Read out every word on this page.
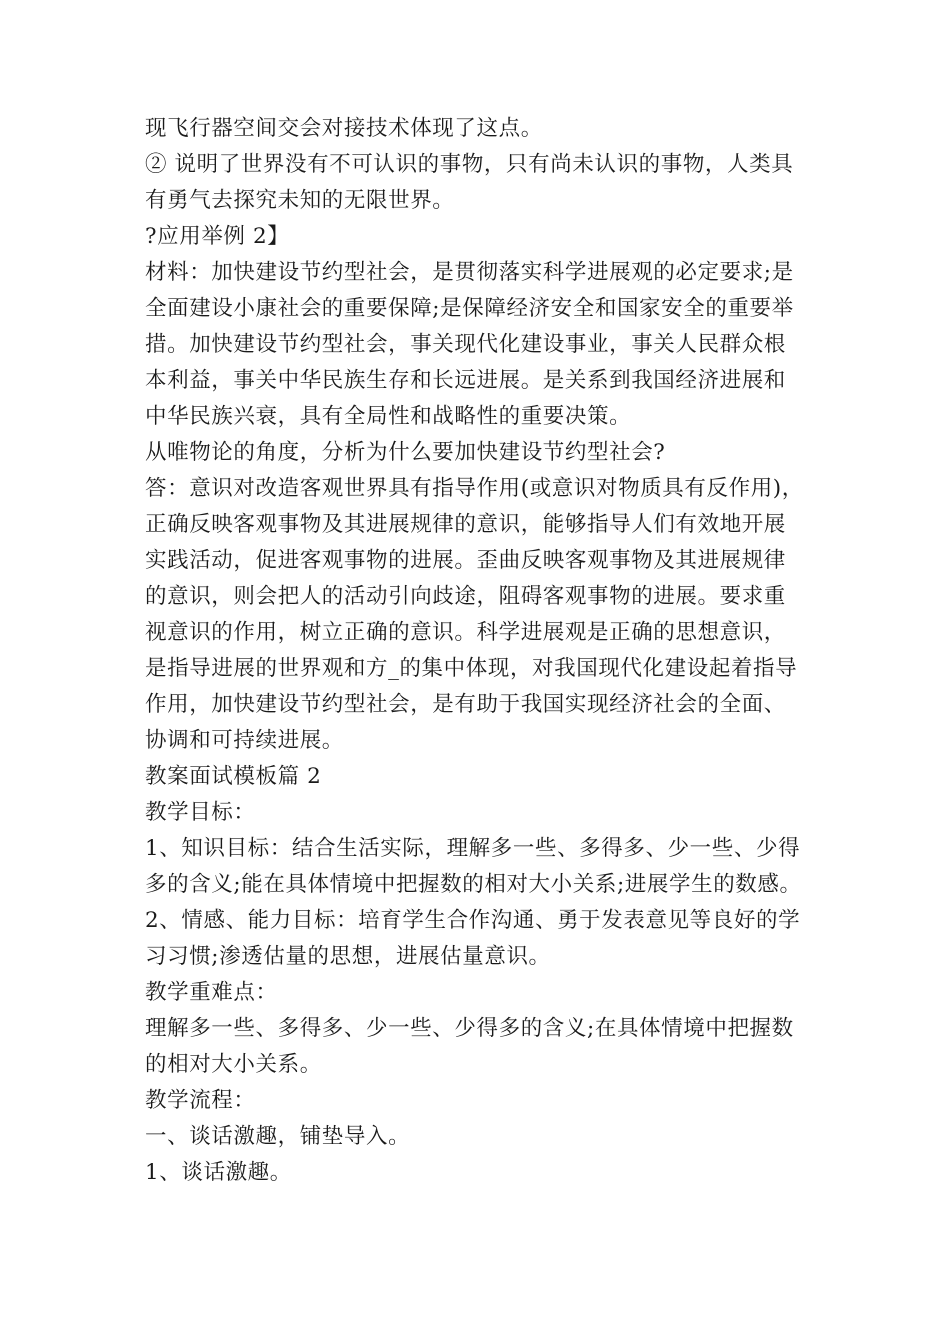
现飞行器空间交会对接技术体现了这点。
② 说明了世界没有不可认识的事物，只有尚未认识的事物，人类具
有勇气去探究未知的无限世界。
?应用举例 2】
材料：加快建设节约型社会，是贯彻落实科学进展观的必定要求;是
全面建设小康社会的重要保障;是保障经济安全和国家安全的重要举
措。加快建设节约型社会，事关现代化建设事业，事关人民群众根
本利益，事关中华民族生存和长远进展。是关系到我国经济进展和
中华民族兴衰，具有全局性和战略性的重要决策。
从唯物论的角度，分析为什么要加快建设节约型社会?
答：意识对改造客观世界具有指导作用(或意识对物质具有反作用)，
正确反映客观事物及其进展规律的意识，能够指导人们有效地开展
实践活动，促进客观事物的进展。歪曲反映客观事物及其进展规律
的意识，则会把人的活动引向歧途，阻碍客观事物的进展。要求重
视意识的作用，树立正确的意识。科学进展观是正确的思想意识，
是指导进展的世界观和方_的集中体现，对我国现代化建设起着指导
作用，加快建设节约型社会，是有助于我国实现经济社会的全面、
协调和可持续进展。
教案面试模板篇 2
教学目标：
1、知识目标：结合生活实际，理解多一些、多得多、少一些、少得
多的含义;能在具体情境中把握数的相对大小关系;进展学生的数感。
2、情感、能力目标：培育学生合作沟通、勇于发表意见等良好的学
习习惯;渗透估量的思想，进展估量意识。
教学重难点：
理解多一些、多得多、少一些、少得多的含义;在具体情境中把握数
的相对大小关系。
教学流程：
一、谈话激趣，铺垫导入。
1、谈话激趣。
